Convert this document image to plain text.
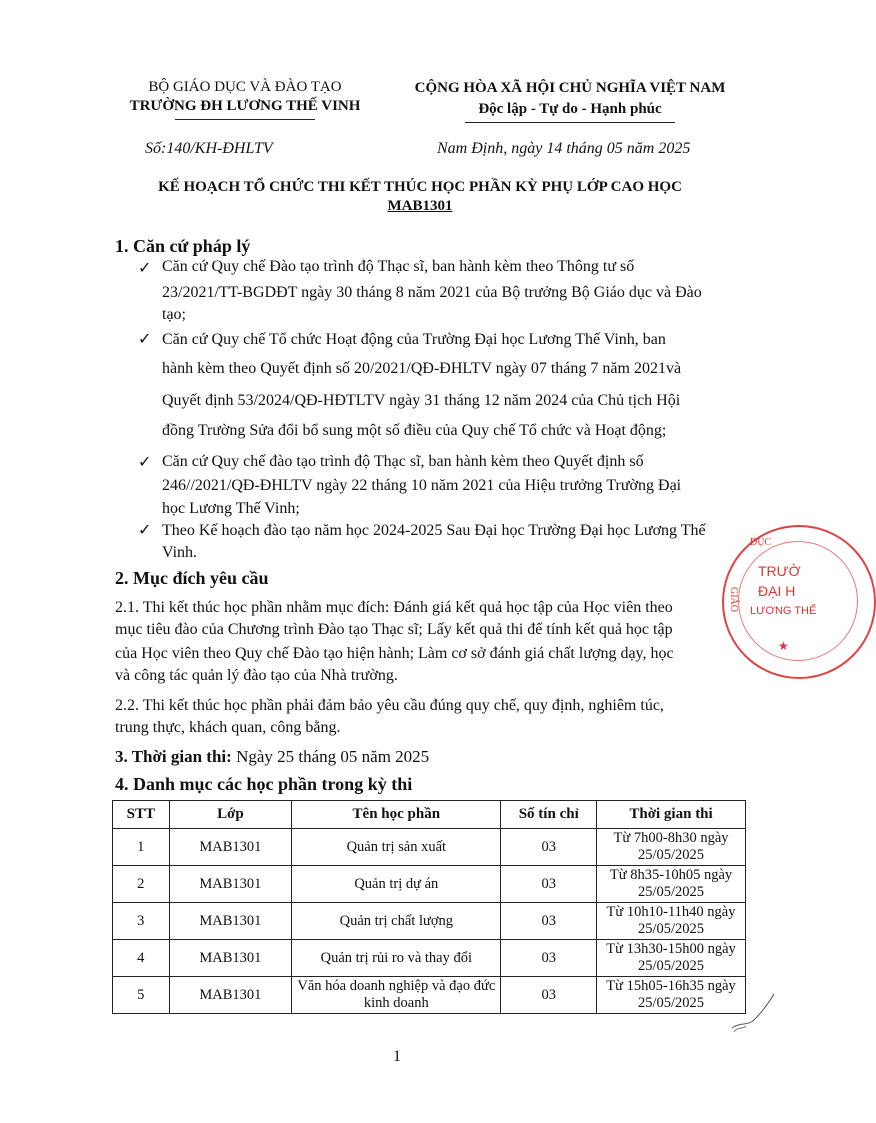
BỘ GIÁO DỤC VÀ ĐÀO TẠO
TRƯỜNG ĐH LƯƠNG THẾ VINH
CỘNG HÒA XÃ HỘI CHỦ NGHĨA VIỆT NAM
Độc lập - Tự do - Hạnh phúc
Số:140/KH-ĐHLTV	Nam Định, ngày 14 tháng 05 năm 2025
KẾ HOẠCH TỔ CHỨC THI KẾT THÚC HỌC PHẦN KỲ PHỤ LỚP CAO HỌC
MAB1301
1. Căn cứ pháp lý
✓ Căn cứ Quy chế Đào tạo trình độ Thạc sĩ, ban hành kèm theo Thông tư số
23/2021/TT-BGDĐT ngày 30 tháng 8 năm 2021 của Bộ trưởng Bộ Giáo dục và Đào
tạo;
✓ Căn cứ Quy chế Tổ chức Hoạt động của Trường Đại học Lương Thế Vinh, ban
hành kèm theo Quyết định số 20/2021/QĐ-ĐHLTV ngày 07 tháng 7 năm 2021và
Quyết định 53/2024/QĐ-HĐTLTV ngày 31 tháng 12 năm 2024 của Chủ tịch Hội
đồng Trường Sửa đổi bổ sung một số điều của Quy chế Tổ chức và Hoạt động;
✓ Căn cứ Quy chế đào tạo trình độ Thạc sĩ, ban hành kèm theo Quyết định số
246//2021/QĐ-ĐHLTV ngày 22 tháng 10 năm 2021 của Hiệu trưởng Trường Đại
học Lương Thế Vinh;
✓ Theo Kế hoạch đào tạo năm học 2024-2025 Sau Đại học Trường Đại học Lương Thế
Vinh.
2. Mục đích yêu cầu
2.1. Thi kết thúc học phần nhằm mục đích: Đánh giá kết quả học tập của Học viên theo
mục tiêu đào của Chương trình Đào tạo Thạc sĩ; Lấy kết quả thi để tính kết quả học tập
của Học viên theo Quy chế Đào tạo hiện hành; Làm cơ sở đánh giá chất lượng dạy, học
và công tác quản lý đào tạo của Nhà trường.
2.2. Thi kết thúc học phần phải đảm bảo yêu cầu đúng quy chế, quy định, nghiêm túc,
trung thực, khách quan, công bằng.
3. Thời gian thi: Ngày 25 tháng 05 năm 2025
4. Danh mục các học phần trong kỳ thi
STT	Lớp	Tên học phần	Số tín chỉ	Thời gian thi
1	MAB1301	Quản trị sản xuất	03	Từ 7h00-8h30 ngày 25/05/2025
2	MAB1301	Quản trị dự án	03	Từ 8h35-10h05 ngày 25/05/2025
3	MAB1301	Quản trị chất lượng	03	Từ 10h10-11h40 ngày 25/05/2025
4	MAB1301	Quản trị rủi ro và thay đổi	03	Từ 13h30-15h00 ngày 25/05/2025
5	MAB1301	Văn hóa doanh nghiệp và đạo đức kinh doanh	03	Từ 15h05-16h35 ngày 25/05/2025
1
ĐỤC
GIÁO
TRƯỜ
ĐẠI H
LƯƠNG THẾ
★
